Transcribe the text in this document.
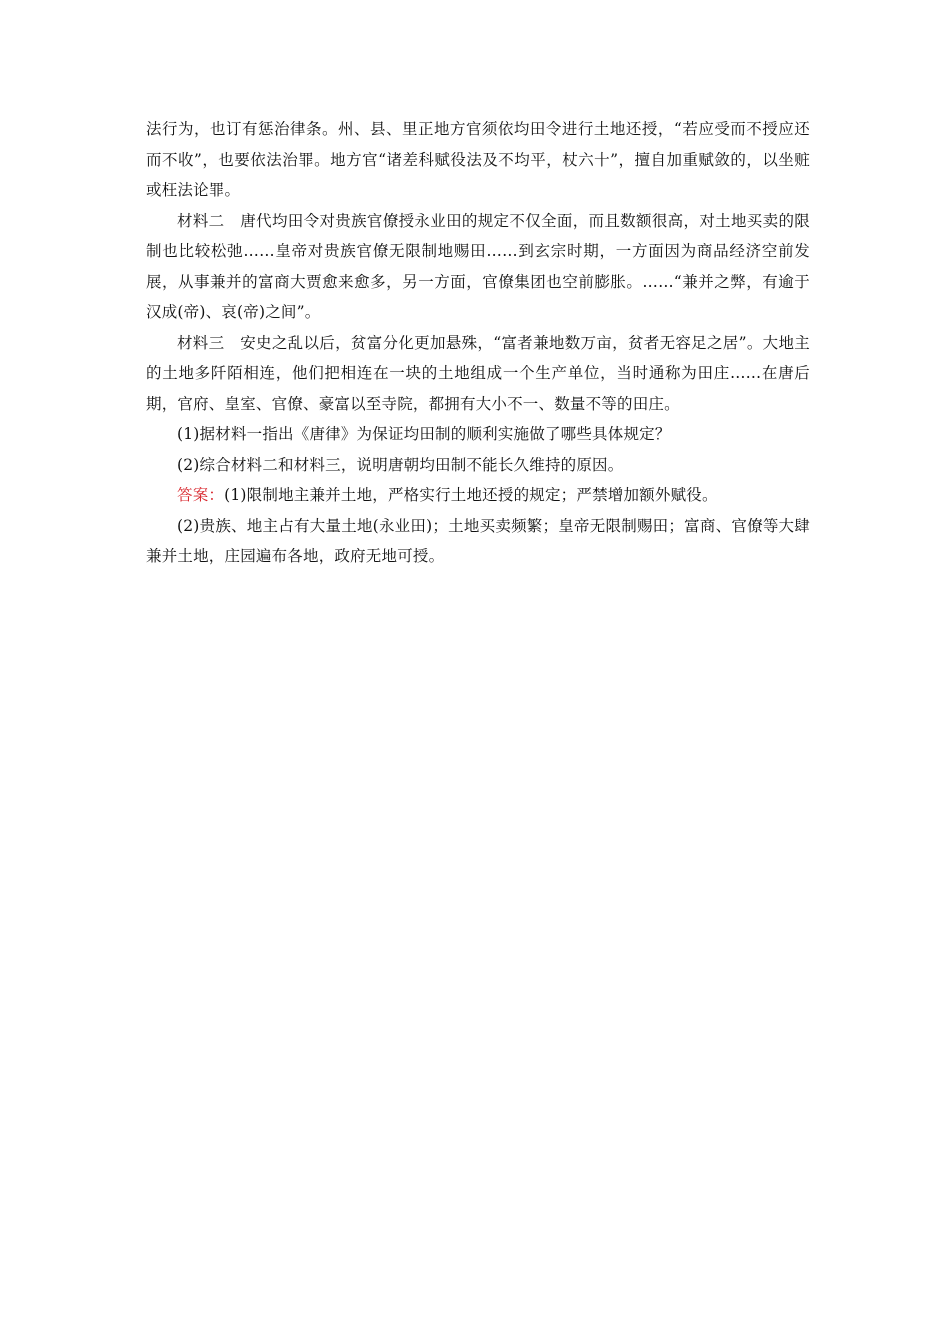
法行为，也订有惩治律条。州、县、里正地方官须依均田令进行土地还授，“若应受而不授应还而不收”，也要依法治罪。地方官“诸差科赋役法及不均平，杖六十”，擅自加重赋敛的，以坐赃或枉法论罪。

材料二　唐代均田令对贵族官僚授永业田的规定不仅全面，而且数额很高，对土地买卖的限制也比较松弛……皇帝对贵族官僚无限制地赐田……到玄宗时期，一方面因为商品经济空前发展，从事兼并的富商大贾愈来愈多，另一方面，官僚集团也空前膨胀。……“兼并之弊，有逾于汉成(帝)、哀(帝)之间”。

材料三　安史之乱以后，贫富分化更加悬殊，“富者兼地数万亩，贫者无容足之居”。大地主的土地多阡陌相连，他们把相连在一块的土地组成一个生产单位，当时通称为田庄……在唐后期，官府、皇室、官僚、豪富以至寺院，都拥有大小不一、数量不等的田庄。

(1)据材料一指出《唐律》为保证均田制的顺利实施做了哪些具体规定？

(2)综合材料二和材料三，说明唐朝均田制不能长久维持的原因。

答案：(1)限制地主兼并土地，严格实行土地还授的规定；严禁增加额外赋役。

(2)贵族、地主占有大量土地(永业田)；土地买卖频繁；皇帝无限制赐田；富商、官僚等大肆兼并土地，庄园遍布各地，政府无地可授。
